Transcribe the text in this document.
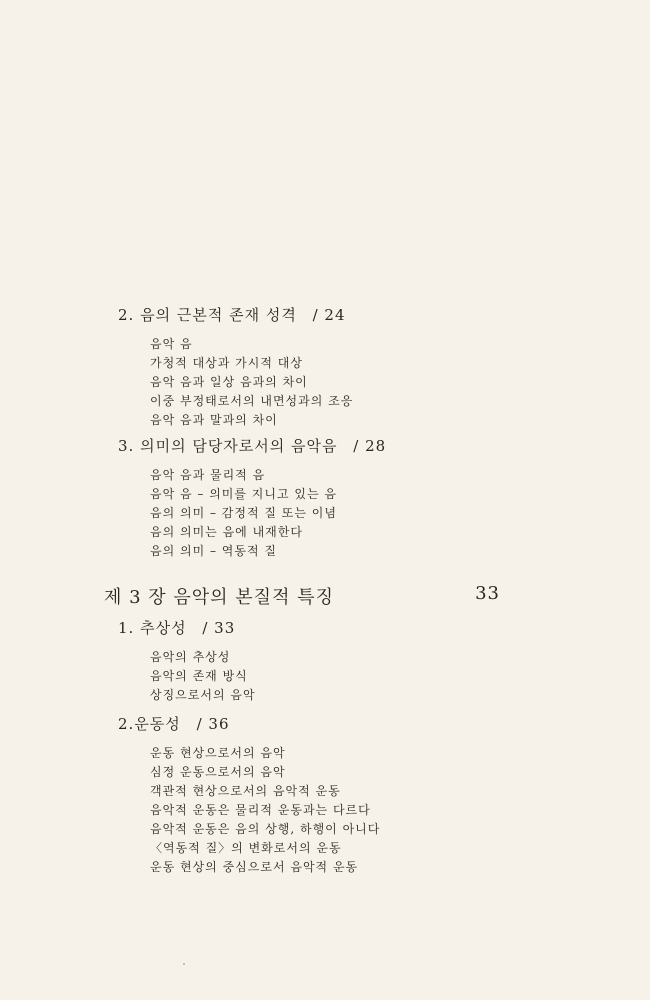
2. 음의 근본적 존재 성격 / 24
음악 음
가청적 대상과 가시적 대상
음악 음과 일상 음과의 차이
이중 부정태로서의 내면성과의 조응
음악 음과 말과의 차이
3. 의미의 담당자로서의 음악음 / 28
음악 음과 물리적 음
음악 음 – 의미를 지니고 있는 음
음의 의미 – 감정적 질 또는 이념
음의 의미는 음에 내재한다
음의 의미 – 역동적 질
제 3 장 음악의 본질적 특징	33
1. 추상성 / 33
음악의 추상성
음악의 존재 방식
상징으로서의 음악
2.운동성 / 36
운동 현상으로서의 음악
심정 운동으로서의 음악
객관적 현상으로서의 음악적 운동
음악적 운동은 물리적 운동과는 다르다
음악적 운동은 음의 상행, 하행이 아니다
〈역동적 질〉의 변화로서의 운동
운동 현상의 중심으로서 음악적 운동
